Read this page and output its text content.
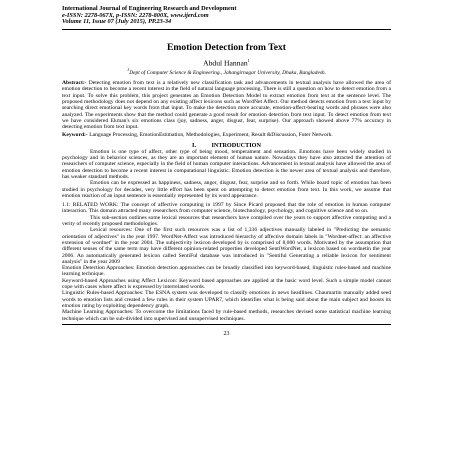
International Journal of Engineering Research and Development
e-ISSN: 2278-067X, p-ISSN: 2278-800X, www.ijerd.com
Volume 11, Issue 07 (July 2015), PP.23-34
Emotion Detection from Text
Abdul Hannan$^1$
$^1$Dept of Computer Science & Engineering., Jahangirnagar University, Dhaka, Bangladesh.
Abstract:- Detecting emotion from text is a relatively new classification task and advancements in textual analysis have allowed the area of emotion detection to become a recent interest in the field of natural language processing. There is still a question on how to detect emotion from a text input. To solve this problem, this project generates an Emotion Detection Model to extract emotion from text at the sentence level. The proposed methodology does not depend on any existing affect lexicons such as WordNet Affect. Our method detects emotion from a text input by searching direct emotional key words from that input. To make the detection more accurate, emotion-affect-bearing words and phrases were also analyzed. The experiments show that the method could generate a good result for emotion detection from text input. To detect emotion from text we have considered Ekman's six emotions class (joy, sadness, anger, disgust, fear, surprise). Our approach showed above 77% accuracy in detecting emotion from text input.
Keyword:- Language Processing, EmotionEstimation, Methodologies, Experiment, Result &Discussion, Futer Network.
I.          INTRODUCTION

Emotion is one type of affect, other type of being mood, temperament and sensation. Emotions have been widely studied in psychology and in behavior sciences, as they are an important element of human nature. Nowadays they have also attracted the attention of researchers of computer science, especially in the field of human computer interactions. Advancement in textual analysis have allowed the area of emotion detection to become a recent interest in computational linguistic. Emotion detection is the newer area of textual analysis and therefore, has weaker standard methods.

Emotion can be expressed as happiness, sadness, anger, disgust, fear, surprise and so forth. While board topic of emotion has been studied in psychology for decades, very little effort has been spent on attempting to detect emotion from text. In this work, we assume that emotion reaction of an input sentence is essentially represented by its word appearance.

1.1: RELATED WORK: The concept of affective computing in 1997 by Since Picard proposed that the role of emotion in human computer interaction. This domain attracted many researchers from computer science, biotechnology, psychology, and cognitive science and so on.

This sub-section outlines some lexical resources that researchers have compiled over the years to support affective computing and a verity of recently proposed methodologies.

Lexical resources: One of the first such resources was a list of 1,336 adjectives manually labeled in "Predicting the semantic orientation of adjectives" in the year 1997. WordNet-Affect was introduced hierarchy of affective domain labels in "Wordnet-affect: an affective extension of wordnet" in the year 2004. The subjectivity lexicon developed by is comprised of 8,000 words. Motivated by the assumption that different senses of the same term may have different opinion-related properties developed SentiWordNet, a lexicon based on wordnetin the year 2006. An automatically generated lexicon called SentiFul database was introduced in "Sentiful Generating a reliable lexicon for sentiment analysis" in the year 2009

Emotion Detection Approaches: Emotion detection approaches can be broadly classified into keyword-based, linguistic rules-based and machine learning technique.

Keyword-based Approaches using Affect Lexicon: Keyword based approaches are applied at the basic word level. Such a simple model cannot cope with cases where affect is expressed by interrelated words.

Linguistic Rules-based Approaches: The ESNA system was developed to classify emotions in news headlines. Chaumartin manually added seed words to emotion lists and created a few rules in their system UPAR7, which identifies what is being said about the main subject and boosts its emotion rating by exploiting dependency graph.

Machine Learning Approaches: To overcome the limitations faced by rule-based methods, researches devised some statistical machine learning technique which can be sub-divided into supervised and unsupervised techniques.

23
